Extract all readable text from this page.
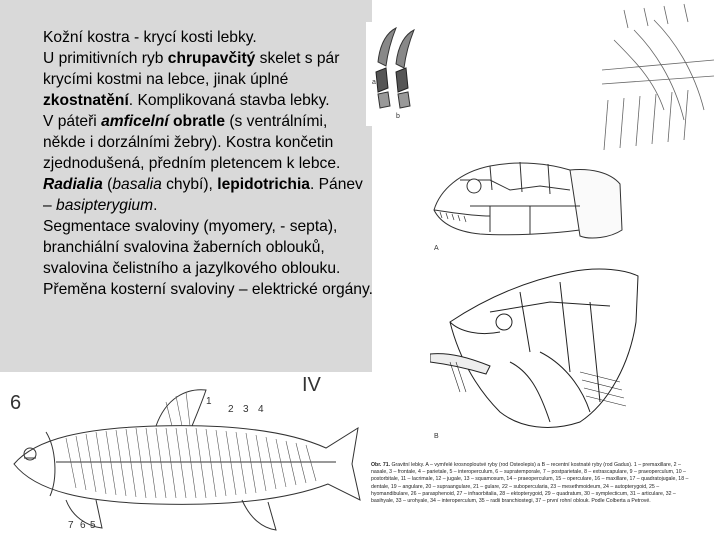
Kožní kostra - krycí kosti lebky.
U primitivních ryb chrupavčitý skelet s pár krycími kostmi na lebce, jinak úplné zkostnatění. Komplikovaná stavba lebky.
V páteři amficelní obratle (s ventrálními, někde i dorzálními žebry). Kostra končetin zjednodušená, předním pletencem k lebce. Radialia (basalia chybí), lepidotrichia. Pánev – basipterygium.
Segmentace svaloviny (myomery, - septa), branchiální svalovina žaberních oblouků, svalovina čelistního a jazylkového oblouku. Přeměna kosterní svaloviny – elektrické orgány.
a
b
A
B
6
IV
2 3 4
1
7 6 5
Obr. 71. Gravitní lebky. A – vymřelé krosnoploutvé ryby (rod Osteolepis) a B – recentní kostnaté ryby (rod Gadus). 1 – premaxillare, 2 – nasale, 3 – frontale, 4 – parietale, 5 – interoperculum, 6 – supratemporale, 7 – postparietale, 8 – extrascapulare, 9 – praeoperculum, 10 – postorbitale, 11 – lacrimale, 12 – jugale, 13 – squamosum, 14 – praeoperculum, 15 – operculare, 16 – maxillare, 17 – quadratojugale, 18 – dentale, 19 – angulare, 20 – supraangulare, 21 – gulare, 22 – subopercularia, 23 – mesethmoideum, 24 – autopterygoid, 25 – hyomandibulare, 26 – parasphenoid, 27 – infraorbitalia, 28 – ektopterygoid, 29 – quadratum, 30 – symplecticum, 31 – articulare, 32 – basihyale, 33 – urohyale, 34 – interoperculum, 35 – radii branchiostegi, 37 – první rohní oblouk. Podle Colberta a Petrové.
